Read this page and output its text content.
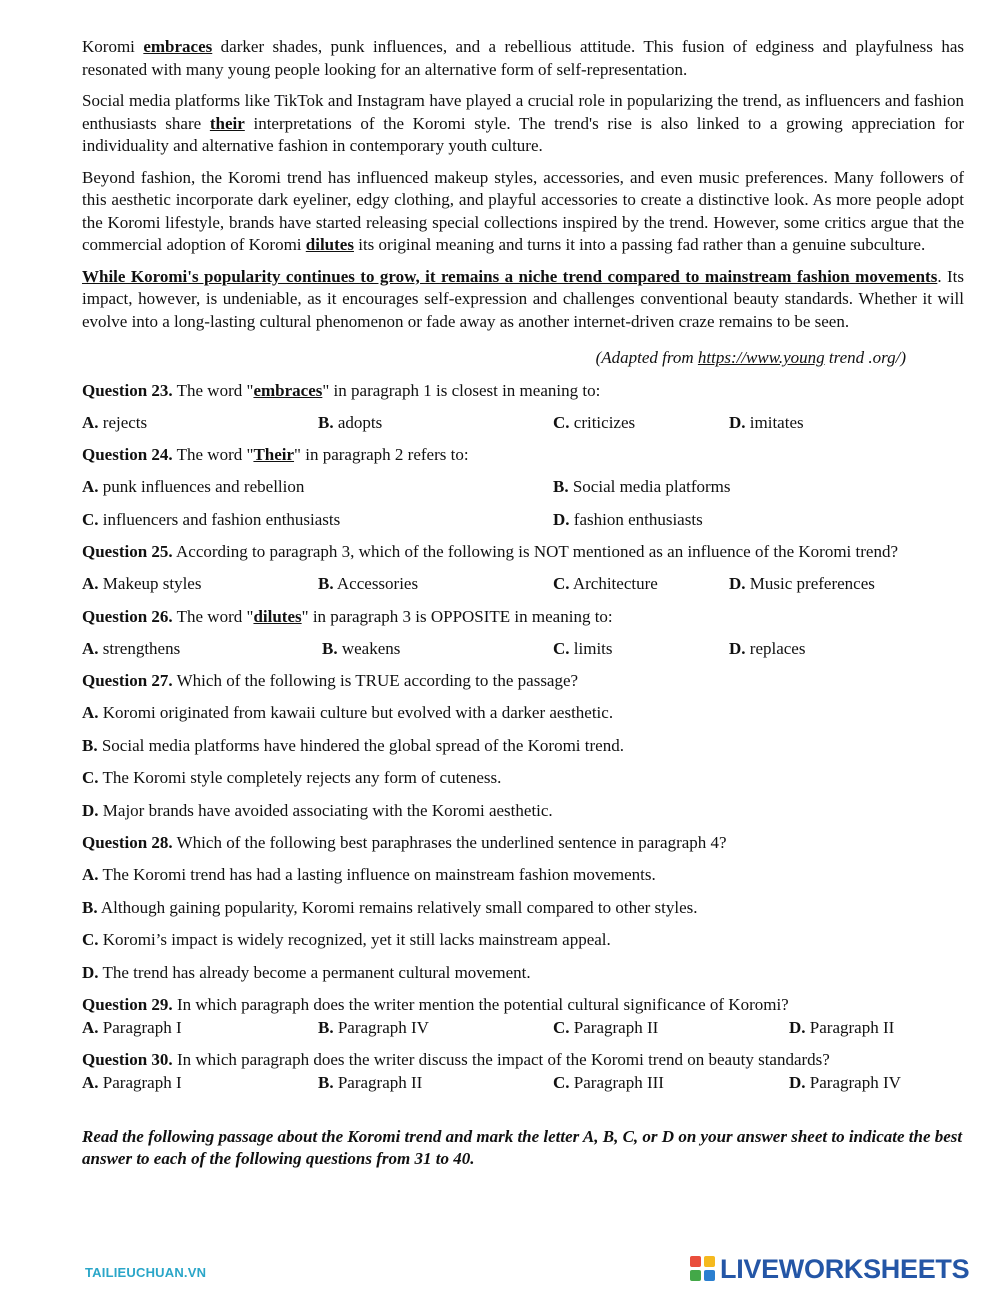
Koromi embraces darker shades, punk influences, and a rebellious attitude. This fusion of edginess and playfulness has resonated with many young people looking for an alternative form of self-representation.

Social media platforms like TikTok and Instagram have played a crucial role in popularizing the trend, as influencers and fashion enthusiasts share their interpretations of the Koromi style. The trend's rise is also linked to a growing appreciation for individuality and alternative fashion in contemporary youth culture.

Beyond fashion, the Koromi trend has influenced makeup styles, accessories, and even music preferences. Many followers of this aesthetic incorporate dark eyeliner, edgy clothing, and playful accessories to create a distinctive look. As more people adopt the Koromi lifestyle, brands have started releasing special collections inspired by the trend. However, some critics argue that the commercial adoption of Koromi dilutes its original meaning and turns it into a passing fad rather than a genuine subculture.

While Koromi's popularity continues to grow, it remains a niche trend compared to mainstream fashion movements. Its impact, however, is undeniable, as it encourages self-expression and challenges conventional beauty standards. Whether it will evolve into a long-lasting cultural phenomenon or fade away as another internet-driven craze remains to be seen.

(Adapted from https://www.young trend .org/)

Question 23. The word "embraces" in paragraph 1 is closest in meaning to:

A. rejects	B. adopts	C. criticizes	D. imitates

Question 24. The word "Their" in paragraph 2 refers to:

A. punk influences and rebellion	B. Social media platforms
C. influencers and fashion enthusiasts	D. fashion enthusiasts

Question 25. According to paragraph 3, which of the following is NOT mentioned as an influence of the Koromi trend?

A. Makeup styles	B. Accessories	C. Architecture	D. Music preferences

Question 26. The word "dilutes" in paragraph 3 is OPPOSITE in meaning to:

A. strengthens	B. weakens	C. limits	D. replaces

Question 27. Which of the following is TRUE according to the passage?

A. Koromi originated from kawaii culture but evolved with a darker aesthetic.

B. Social media platforms have hindered the global spread of the Koromi trend.

C. The Koromi style completely rejects any form of cuteness.

D. Major brands have avoided associating with the Koromi aesthetic.

Question 28. Which of the following best paraphrases the underlined sentence in paragraph 4?

A. The Koromi trend has had a lasting influence on mainstream fashion movements.

B. Although gaining popularity, Koromi remains relatively small compared to other styles.

C. Koromi’s impact is widely recognized, yet it still lacks mainstream appeal.

D. The trend has already become a permanent cultural movement.

Question 29. In which paragraph does the writer mention the potential cultural significance of Koromi?

A. Paragraph I	B. Paragraph IV	C. Paragraph II	D. Paragraph II

Question 30. In which paragraph does the writer discuss the impact of the Koromi trend on beauty standards?

A. Paragraph I	B. Paragraph II	C. Paragraph III	D. Paragraph IV

Read the following passage about the Koromi trend and mark the letter A, B, C, or D on your answer sheet to indicate the best answer to each of the following questions from 31 to 40.

TAILIEUCHUAN.VN	LIVEWORKSHEETS
